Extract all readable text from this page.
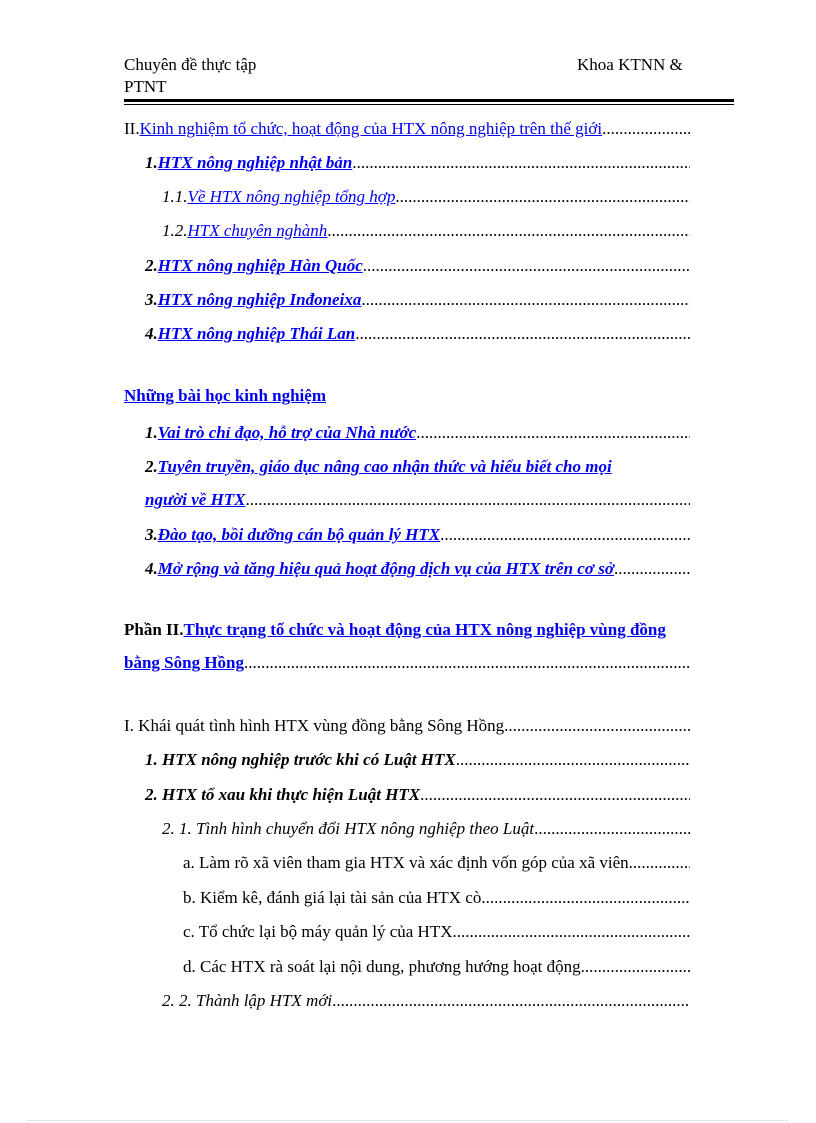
Chuyên đề thực tập	Khoa KTNN &
PTNT
II. Kinh nghiệm tổ chức, hoạt động của HTX nông nghiệp trên thế giới
.....
1. HTX nông nghiệp nhật bản
.....
1.1. Về HTX nông nghiệp tổng hợp
.....
1.2. HTX chuyên nghành
.....
2. HTX nông nghiệp Hàn Quốc
.....
3. HTX nông nghiệp Inđoneixa
.....
4. HTX nông nghiệp Thái Lan
.....
Những bài học kinh nghiệm
1. Vai trò chỉ đạo, hỗ trợ của Nhà nước
.....
2. Tuyên truyền, giáo dục nâng cao nhận thức và hiểu biết cho mọi
người về HTX
.....
3. Đào tạo, bồi dưỡng cán bộ quản lý HTX
.....
4. Mở rộng và tăng hiệu quả hoạt động dịch vụ của HTX trên cơ sở
.....
Phần II. Thực trạng tổ chức và hoạt động của HTX nông nghiệp vùng đồng
bằng Sông Hồng
.....
I. Khái quát tình hình HTX vùng đồng bằng Sông Hồng
.....
1. HTX nông nghiệp trước khi có Luật HTX
.....
2. HTX tổ xau khi thực hiện Luật HTX
.....
2. 1. Tình hình chuyển đổi HTX nông nghiệp theo Luật
.....
a. Làm rõ xã viên tham gia HTX và xác định vốn góp của xã viên
.....
b. Kiểm kê, đánh giá lại tài sản của HTX cò
.....
c. Tổ chức lại bộ máy quản lý của HTX
.....
d. Các HTX rà soát lại nội dung, phương hướng hoạt động
.....
2. 2. Thành lập HTX mới
.....
